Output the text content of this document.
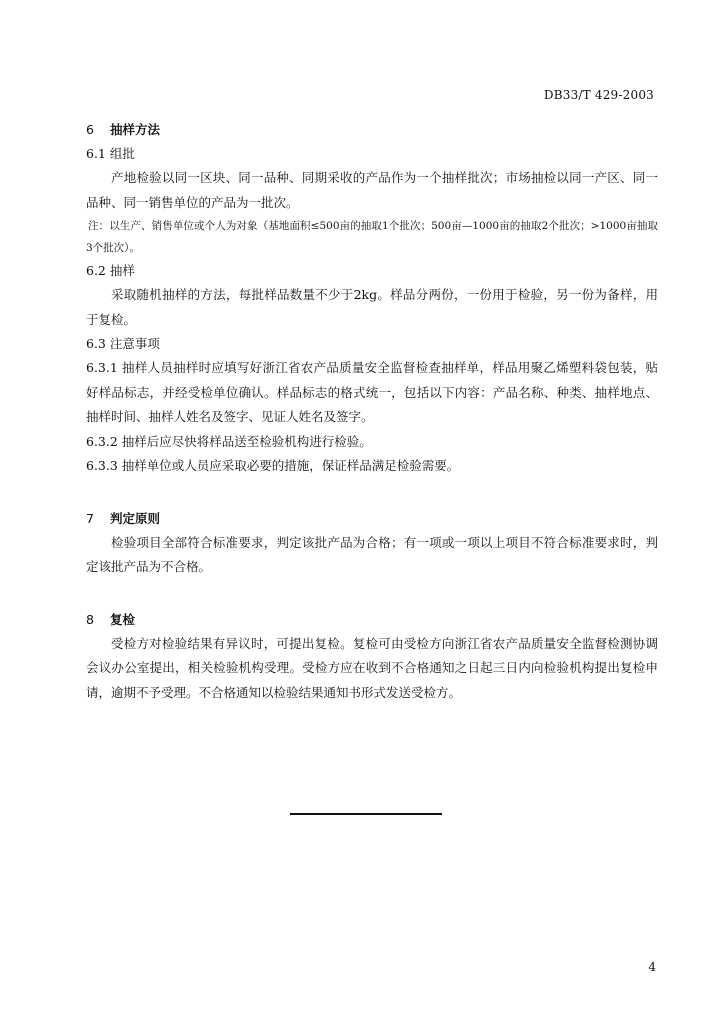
DB33/T 429-2003

6 抽样方法

6.1 组批

产地检验以同一区块、同一品种、同期采收的产品作为一个抽样批次；市场抽检以同一产区、同一品种、同一销售单位的产品为一批次。

注：以生产、销售单位或个人为对象（基地面积≤500亩的抽取1个批次；500亩—1000亩的抽取2个批次；>1000亩抽取3个批次）。

6.2 抽样

采取随机抽样的方法，每批样品数量不少于2kg。样品分两份，一份用于检验，另一份为备样，用于复检。

6.3 注意事项

6.3.1 抽样人员抽样时应填写好浙江省农产品质量安全监督检查抽样单，样品用聚乙烯塑料袋包装，贴好样品标志，并经受检单位确认。样品标志的格式统一，包括以下内容：产品名称、种类、抽样地点、抽样时间、抽样人姓名及签字、见证人姓名及签字。

6.3.2 抽样后应尽快将样品送至检验机构进行检验。

6.3.3 抽样单位或人员应采取必要的措施，保证样品满足检验需要。

7 判定原则

检验项目全部符合标准要求，判定该批产品为合格；有一项或一项以上项目不符合标准要求时，判定该批产品为不合格。

8 复检

受检方对检验结果有异议时，可提出复检。复检可由受检方向浙江省农产品质量安全监督检测协调会议办公室提出，相关检验机构受理。受检方应在收到不合格通知之日起三日内向检验机构提出复检申请，逾期不予受理。不合格通知以检验结果通知书形式发送受检方。

4
